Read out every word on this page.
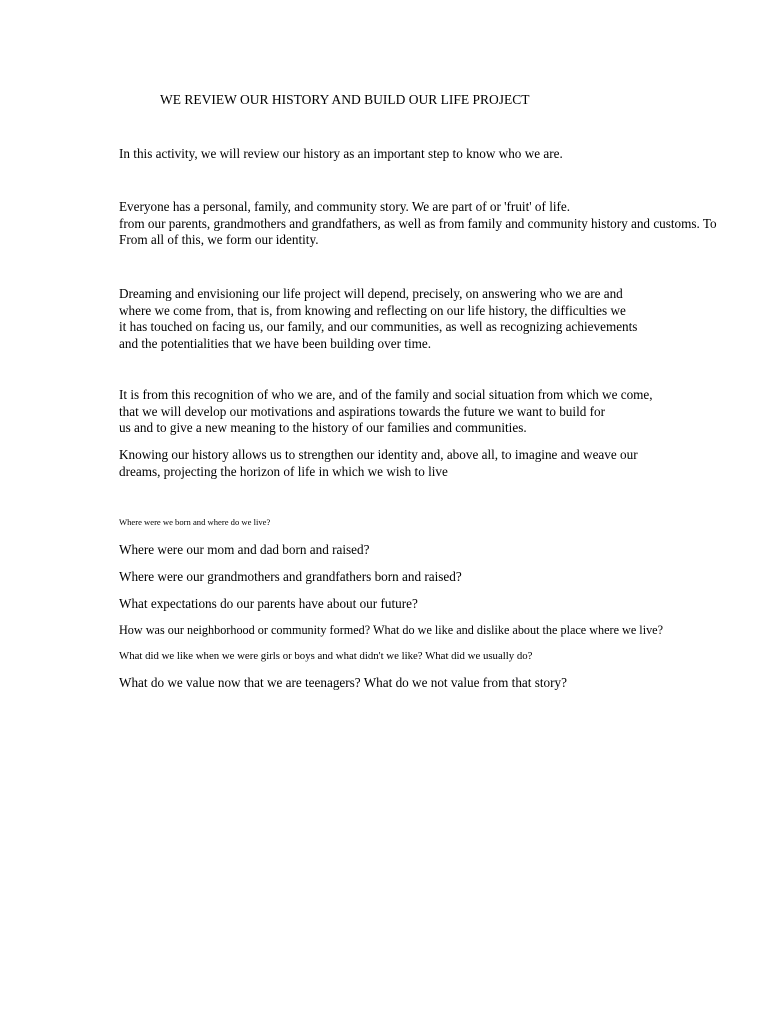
WE REVIEW OUR HISTORY AND BUILD OUR LIFE PROJECT
In this activity, we will review our history as an important step to know who we are.
Everyone has a personal, family, and community story. We are part of or 'fruit' of life.
from our parents, grandmothers and grandfathers, as well as from family and community history and customs. To
From all of this, we form our identity.
Dreaming and envisioning our life project will depend, precisely, on answering who we are and
where we come from, that is, from knowing and reflecting on our life history, the difficulties we
it has touched on facing us, our family, and our communities, as well as recognizing achievements
and the potentialities that we have been building over time.
It is from this recognition of who we are, and of the family and social situation from which we come,
that we will develop our motivations and aspirations towards the future we want to build for
us and to give a new meaning to the history of our families and communities.
Knowing our history allows us to strengthen our identity and, above all, to imagine and weave our
dreams, projecting the horizon of life in which we wish to live
Where were we born and where do we live?
Where were our mom and dad born and raised?
Where were our grandmothers and grandfathers born and raised?
What expectations do our parents have about our future?
How was our neighborhood or community formed? What do we like and dislike about the place where we live?
What did we like when we were girls or boys and what didn't we like? What did we usually do?
What do we value now that we are teenagers? What do we not value from that story?
